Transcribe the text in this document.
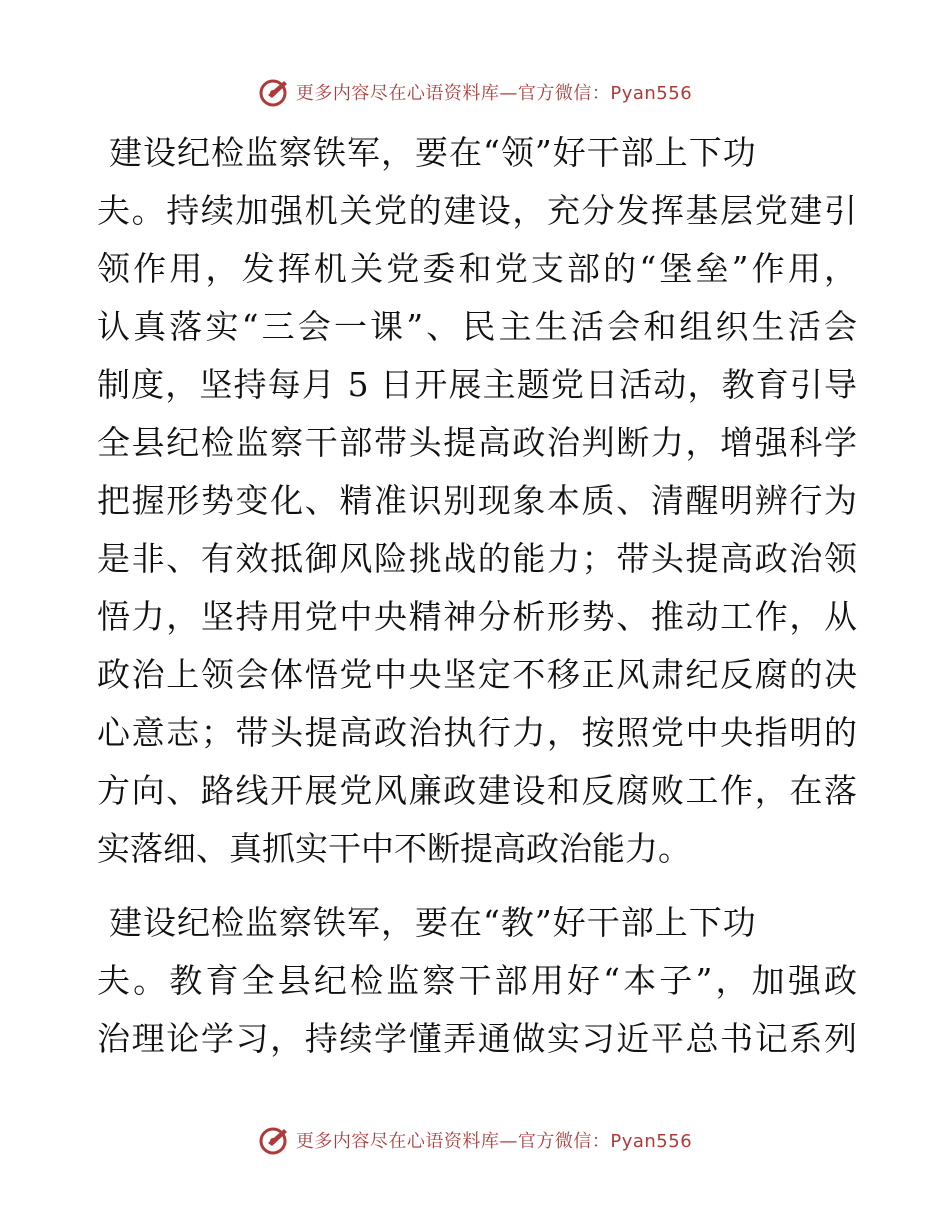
更多内容尽在心语资料库—官方微信：Pyan556
建设纪检监察铁军，要在“领”好干部上下功
夫。持续加强机关党的建设，充分发挥基层党建引
领作用，发挥机关党委和党支部的“堡垒”作用，
认真落实“三会一课”、民主生活会和组织生活会
制度，坚持每月 5 日开展主题党日活动，教育引导
全县纪检监察干部带头提高政治判断力，增强科学
把握形势变化、精准识别现象本质、清醒明辨行为
是非、有效抵御风险挑战的能力；带头提高政治领
悟力，坚持用党中央精神分析形势、推动工作，从
政治上领会体悟党中央坚定不移正风肃纪反腐的决
心意志；带头提高政治执行力，按照党中央指明的
方向、路线开展党风廉政建设和反腐败工作，在落
实落细、真抓实干中不断提高政治能力。
建设纪检监察铁军，要在“教”好干部上下功
夫。教育全县纪检监察干部用好“本子”，加强政
治理论学习，持续学懂弄通做实习近平总书记系列
更多内容尽在心语资料库—官方微信：Pyan556
